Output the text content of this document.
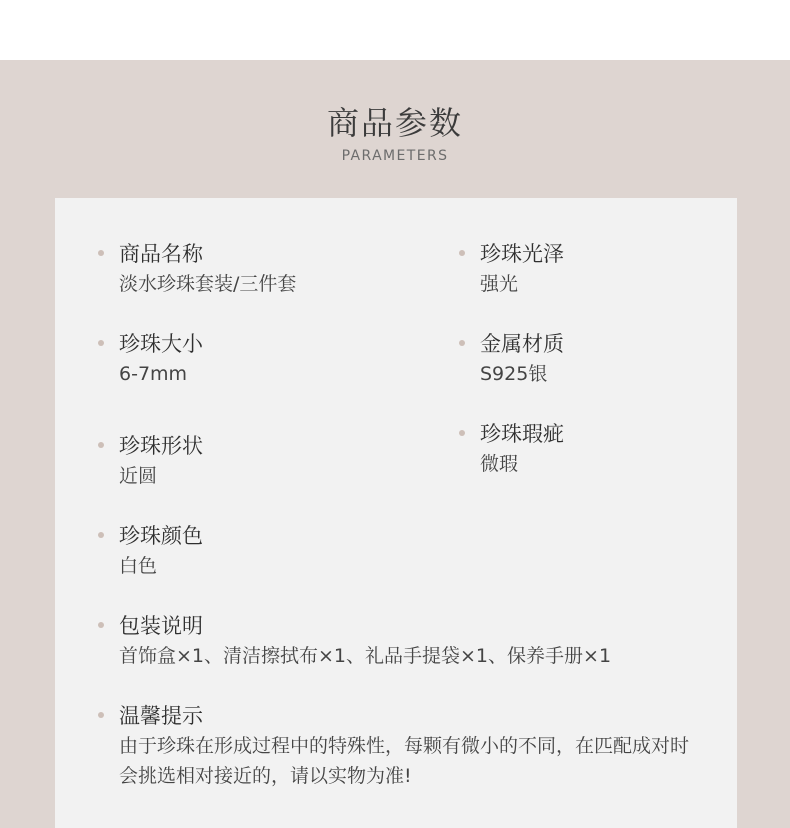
商品参数
PARAMETERS
商品名称
淡水珍珠套装/三件套
珍珠光泽
强光
珍珠大小
6-7mm
金属材质
S925银
珍珠形状
近圆
珍珠瑕疵
微瑕
珍珠颜色
白色
包装说明
首饰盒×1、清洁擦拭布×1、礼品手提袋×1、保养手册×1
温馨提示
由于珍珠在形成过程中的特殊性，每颗有微小的不同，在匹配成对时会挑选相对接近的，请以实物为准!
